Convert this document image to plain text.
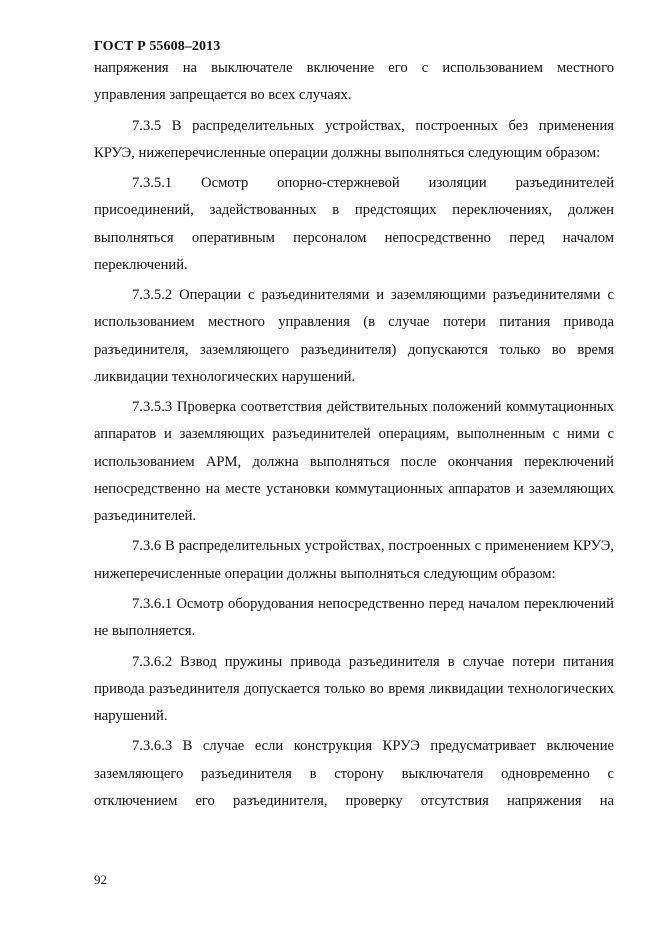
ГОСТ Р 55608–2013

напряжения на выключателе включение его с использованием местного управления запрещается во всех случаях.

7.3.5 В распределительных устройствах, построенных без применения КРУЭ, нижеперечисленные операции должны выполняться следующим образом:

7.3.5.1 Осмотр опорно-стержневой изоляции разъединителей присоединений, задействованных в предстоящих переключениях, должен выполняться оперативным персоналом непосредственно перед началом переключений.

7.3.5.2 Операции с разъединителями и заземляющими разъединителями с использованием местного управления (в случае потери питания привода разъединителя, заземляющего разъединителя) допускаются только во время ликвидации технологических нарушений.

7.3.5.3 Проверка соответствия действительных положений коммутационных аппаратов и заземляющих разъединителей операциям, выполненным с ними с использованием АРМ, должна выполняться после окончания переключений непосредственно на месте установки коммутационных аппаратов и заземляющих разъединителей.

7.3.6 В распределительных устройствах, построенных с применением КРУЭ, нижеперечисленные операции должны выполняться следующим образом:

7.3.6.1 Осмотр оборудования непосредственно перед началом переключений не выполняется.

7.3.6.2 Взвод пружины привода разъединителя в случае потери питания привода разъединителя допускается только во время ликвидации технологических нарушений.

7.3.6.3 В случае если конструкция КРУЭ предусматривает включение заземляющего разъединителя в сторону выключателя одновременно с отключением его разъединителя, проверку отсутствия напряжения на

92
